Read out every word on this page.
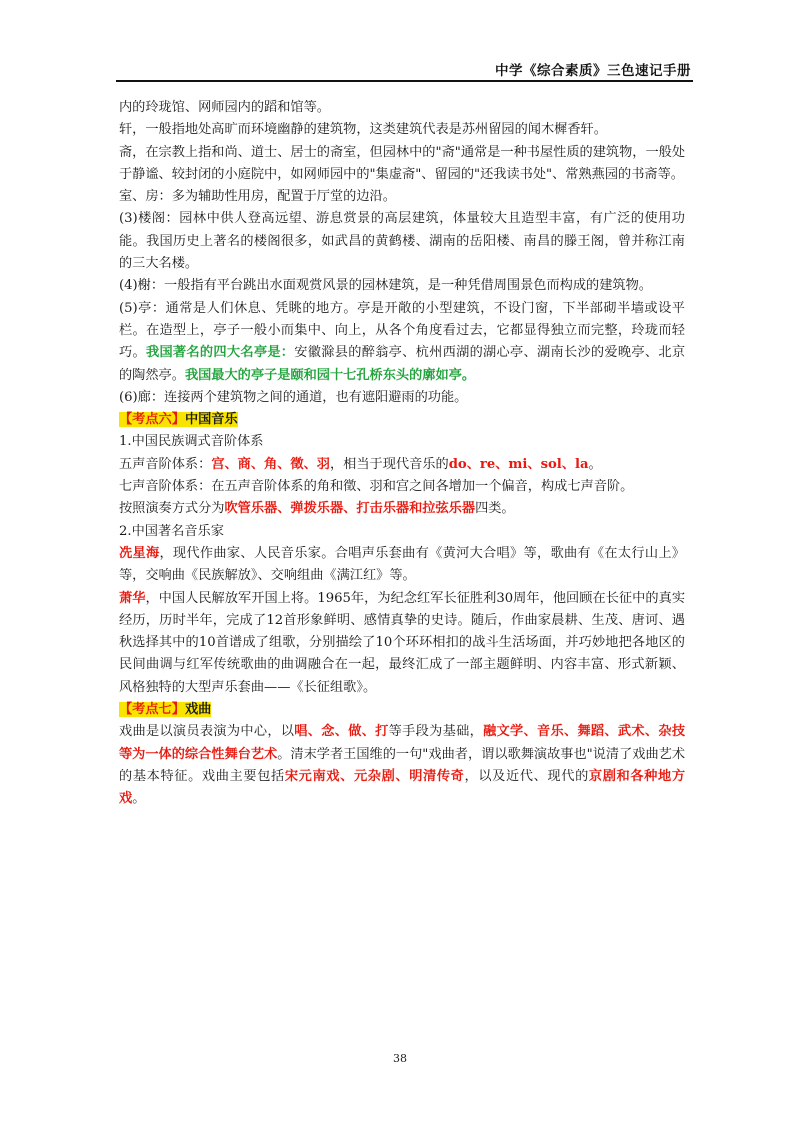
中学《综合素质》三色速记手册

内的玲珑馆、网师园内的蹈和馆等。

轩，一般指地处高旷而环境幽静的建筑物，这类建筑代表是苏州留园的闻木樨香轩。

斋，在宗教上指和尚、道士、居士的斋室，但园林中的"斋"通常是一种书屋性质的建筑物，一般处于静谧、较封闭的小庭院中，如网师园中的"集虚斋"、留园的"还我读书处"、常熟燕园的书斋等。

室、房：多为辅助性用房，配置于厅堂的边沿。

(3)楼阁：园林中供人登高远望、游息赏景的高层建筑，体量较大且造型丰富，有广泛的使用功能。我国历史上著名的楼阁很多，如武昌的黄鹤楼、湖南的岳阳楼、南昌的滕王阁，曾并称江南的三大名楼。

(4)榭：一般指有平台跳出水面观赏风景的园林建筑，是一种凭借周围景色而构成的建筑物。

(5)亭：通常是人们休息、凭眺的地方。亭是开敞的小型建筑，不设门窗，下半部砌半墙或设平栏。在造型上，亭子一般小而集中、向上，从各个角度看过去，它都显得独立而完整，玲珑而轻巧。我国著名的四大名亭是：安徽滁县的醉翁亭、杭州西湖的湖心亭、湖南长沙的爱晚亭、北京的陶然亭。我国最大的亭子是颐和园十七孔桥东头的廓如亭。

(6)廊：连接两个建筑物之间的通道，也有遮阳避雨的功能。

【考点六】中国音乐

1.中国民族调式音阶体系

五声音阶体系：宫、商、角、徵、羽，相当于现代音乐的do、re、mi、sol、la。

七声音阶体系：在五声音阶体系的角和徵、羽和宫之间各增加一个偏音，构成七声音阶。

按照演奏方式分为吹管乐器、弹拨乐器、打击乐器和拉弦乐器四类。

2.中国著名音乐家

冼星海，现代作曲家、人民音乐家。合唱声乐套曲有《黄河大合唱》等，歌曲有《在太行山上》等，交响曲《民族解放》、交响组曲《满江红》等。

萧华，中国人民解放军开国上将。1965年，为纪念红军长征胜利30周年，他回顾在长征中的真实经历，历时半年，完成了12首形象鲜明、感情真挚的史诗。随后，作曲家晨耕、生茂、唐诃、遇秋选择其中的10首谱成了组歌，分别描绘了10个环环相扣的战斗生活场面，并巧妙地把各地区的民间曲调与红军传统歌曲的曲调融合在一起，最终汇成了一部主题鲜明、内容丰富、形式新颖、风格独特的大型声乐套曲——《长征组歌》。

【考点七】戏曲

戏曲是以演员表演为中心，以唱、念、做、打等手段为基础，融文学、音乐、舞蹈、武术、杂技等为一体的综合性舞台艺术。清末学者王国维的一句"戏曲者，谓以歌舞演故事也"说清了戏曲艺术的基本特征。戏曲主要包括宋元南戏、元杂剧、明清传奇，以及近代、现代的京剧和各种地方戏。

38
